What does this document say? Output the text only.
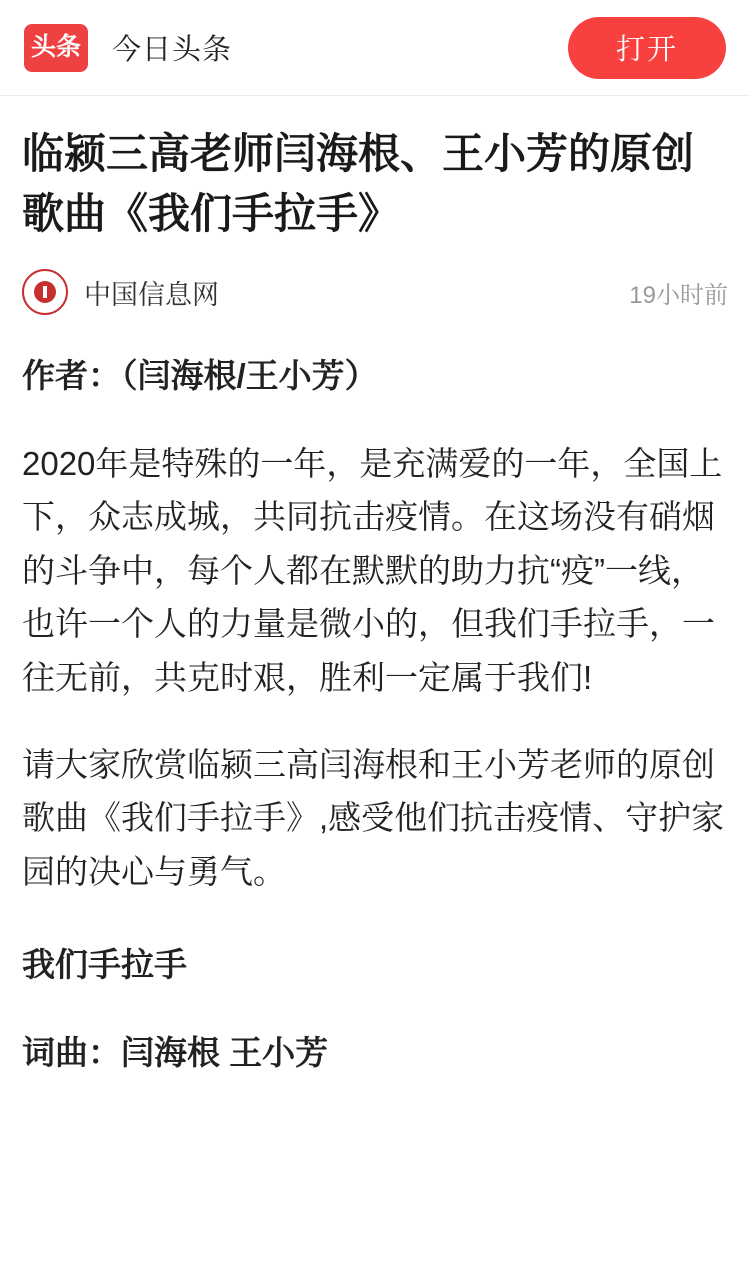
头条 今日头条	打开
临颍三高老师闫海根、王小芳的原创歌曲《我们手拉手》
中国信息网	19小时前

作者：（闫海根/王小芳）

2020年是特殊的一年，是充满爱的一年，全国上下，众志成城，共同抗击疫情。在这场没有硝烟的斗争中，每个人都在默默的助力抗“疫”一线，也许一个人的力量是微小的，但我们手拉手，一往无前，共克时艰，胜利一定属于我们!

请大家欣赏临颍三高闫海根和王小芳老师的原创歌曲《我们手拉手》,感受他们抗击疫情、守护家园的决心与勇气。

我们手拉手

词曲：闫海根 王小芳
